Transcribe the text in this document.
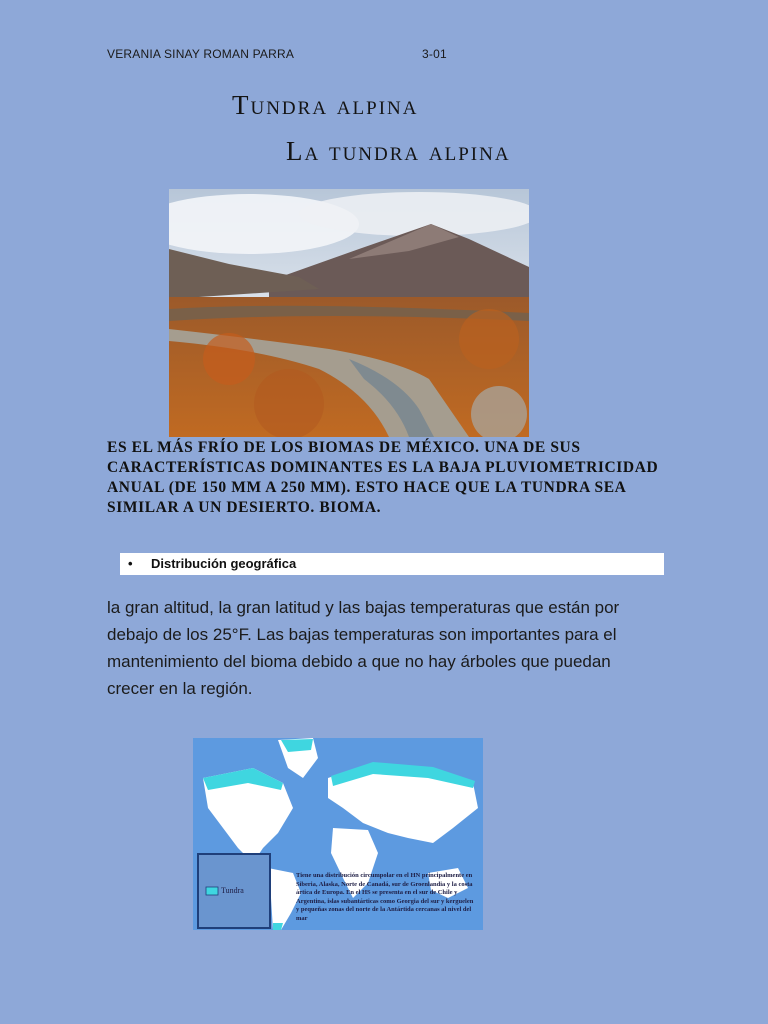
VERANIA SINAY ROMAN PARRA	3-01
Tundra alpina
La tundra alpina
ES EL MÁS FRÍO DE LOS BIOMAS DE MÉXICO. UNA DE SUS CARACTERÍSTICAS DOMINANTES ES LA BAJA PLUVIOMETRICIDAD ANUAL (DE 150 MM A 250 MM). ESTO HACE QUE LA TUNDRA SEA SIMILAR A UN DESIERTO. BIOMA.
• Distribución geográfica
la gran altitud, la gran latitud y las bajas temperaturas que están por debajo de los 25°F. Las bajas temperaturas son importantes para el mantenimiento del bioma debido a que no hay árboles que puedan crecer en la región.
Tundra
Tiene una distribución circumpolar en el HN principalmente en Siberia, Alaska, Norte de Canadá, sur de Groenlandia y la costa ártica de Europa. En el HS se presenta en el sur de Chile y Argentina, islas subantárticas como Georgia del sur y kerguelen y pequeñas zonas del norte de la Antártida cercanas al nivel del mar
